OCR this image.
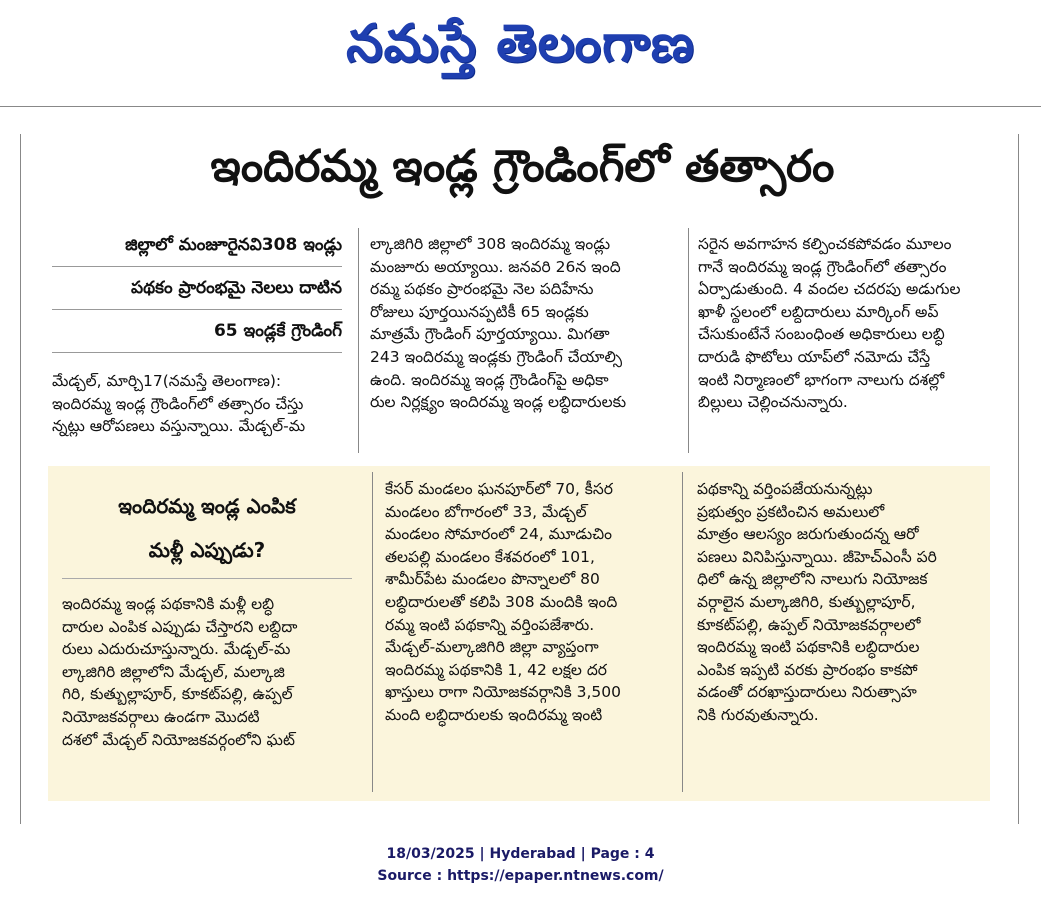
నమస్తే తెలంగాణ
ఇందిరమ్మ ఇండ్ల గ్రౌండింగ్‌లో తత్సారం
జిల్లాలో మంజూరైనవి308 ఇండ్లు
పథకం ప్రారంభమై నెలలు దాటిన
65 ఇండ్లకే గ్రౌండింగ్
మేడ్చల్, మార్చి17(నమస్తే తెలంగాణ):
ఇందిరమ్మ ఇండ్ల గ్రౌండింగ్‌లో తత్సారం చేస్తు
న్నట్లు ఆరోపణలు వస్తున్నాయి. మేడ్చల్-మ
ల్కాజిగిరి జిల్లాలో 308 ఇందిరమ్మ ఇండ్లు
మంజూరు అయ్యాయి. జనవరి 26న ఇంది
రమ్మ పథకం ప్రారంభమై నెల పదిహేను
రోజులు పూర్తయినప్పటికీ 65 ఇండ్లకు
మాత్రమే గ్రౌండింగ్ పూర్తయ్యాయి. మిగతా
243 ఇందిరమ్మ ఇండ్లకు గ్రౌండింగ్ చేయాల్సి
ఉంది. ఇందిరమ్మ ఇండ్ల గ్రౌండింగ్‌పై అధికా
రుల నిర్లక్ష్యం ఇందిరమ్మ ఇండ్ల లబ్ధిదారులకు
సరైన అవగాహన కల్పించకపోవడం మూలం
గానే ఇందిరమ్మ ఇండ్ల గ్రౌండింగ్‌లో తత్సారం
ఏర్పాడుతుంది. 4 వందల చదరపు అడుగుల
ఖాళీ స్థలంలో లబ్ధిదారులు మార్కింగ్ అప్
చేసుకుంటేనే సంబంధింత అధికారులు లబ్ధి
దారుడి ఫొటోలు యాప్‌లో నమోదు చేస్తే
ఇంటి నిర్మాణంలో భాగంగా నాలుగు దశల్లో
బిల్లులు చెల్లించనున్నారు.
ఇందిరమ్మ ఇండ్ల ఎంపిక
మళ్లీ ఎప్పుడు?
ఇందిరమ్మ ఇండ్ల పథకానికి మళ్లీ లబ్ధి
దారుల ఎంపిక ఎప్పుడు చేస్తారని లబ్ధిదా
రులు ఎదురుచూస్తున్నారు. మేడ్చల్-మ
ల్కాజిగిరి జిల్లాలోని మేడ్చల్, మల్కాజి
గిరి, కుత్బుల్లాపూర్, కూకట్‌పల్లి, ఉప్పల్
నియోజకవర్గాలు ఉండగా మొదటి
దశలో మేడ్చల్ నియోజకవర్గంలోని ఘట్
కేసర్ మండలం ఘనపూర్‌లో 70, కీసర
మండలం బోగారంలో 33, మేడ్చల్
మండలం సోమారంలో 24, మూడుచిం
తలపల్లి మండలం కేశవరంలో 101,
శామీర్‌పేట మండలం పొన్నాలలో 80
లబ్ధిదారులతో కలిపి 308 మందికి ఇంది
రమ్మ ఇంటి పథకాన్ని వర్తింపజేశారు.
మేడ్చల్-మల్కాజిగిరి జిల్లా వ్యాప్తంగా
ఇందిరమ్మ పథకానికి 1, 42 లక్షల దర
ఖాస్తులు రాగా నియోజకవర్గానికి 3,500
మంది లబ్ధిదారులకు ఇందిరమ్మ ఇంటి
పథకాన్ని వర్తింపజేయనున్నట్లు
ప్రభుత్వం ప్రకటించిన అమలులో
మాత్రం ఆలస్యం జరుగుతుందన్న ఆరో
పణలు వినిపిస్తున్నాయి. జీహెచ్ఎంసీ పరి
ధిలో ఉన్న జిల్లాలోని నాలుగు నియోజక
వర్గాలైన మల్కాజిగిరి, కుత్బుల్లాపూర్,
కూకట్‌పల్లి, ఉప్పల్ నియోజకవర్గాలలో
ఇందిరమ్మ ఇంటి పథకానికి లబ్ధిదారుల
ఎంపిక ఇప్పటి వరకు ప్రారంభం కాకపో
వడంతో దరఖాస్తుదారులు నిరుత్సాహ
నికి గురవుతున్నారు.
18/03/2025 | Hyderabad | Page : 4
Source : https://epaper.ntnews.com/
